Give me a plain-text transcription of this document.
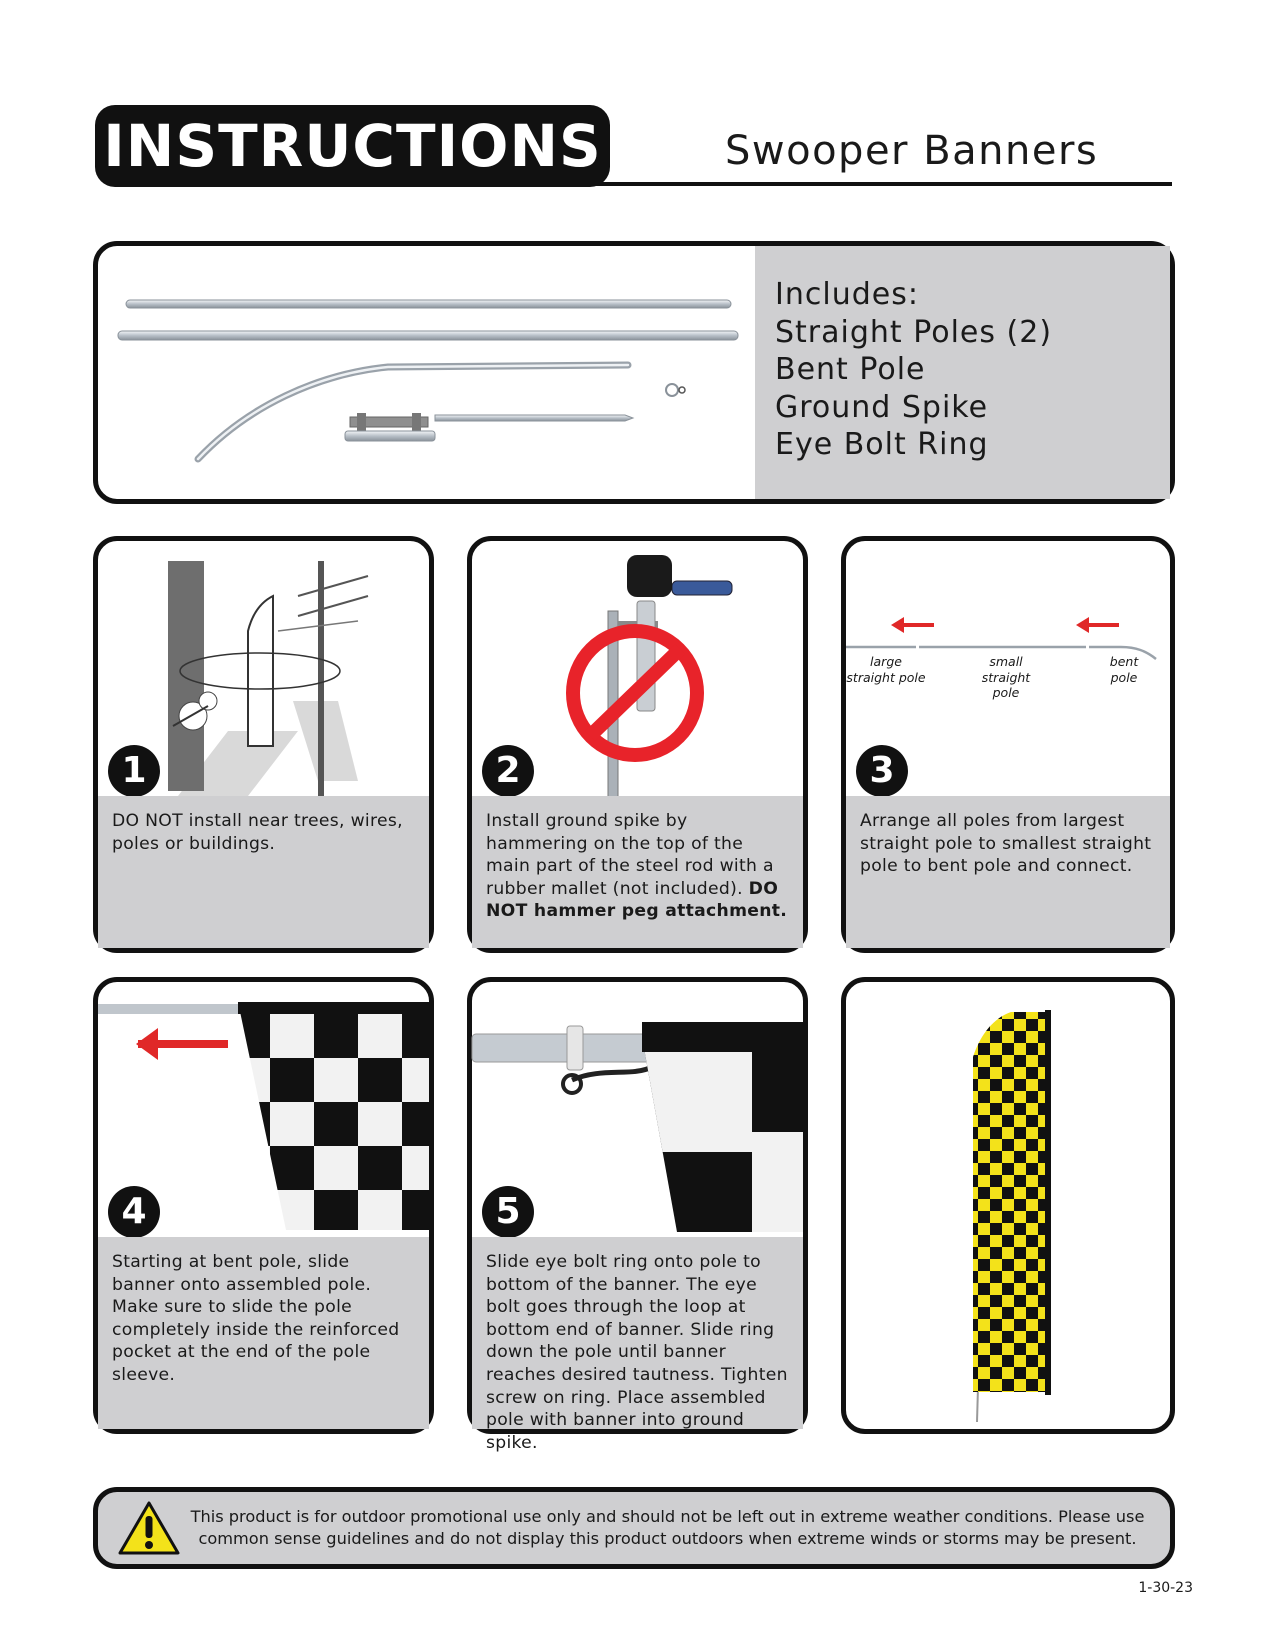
INSTRUCTIONS	Swooper Banners
Includes:
Straight Poles (2)
Bent Pole
Ground Spike
Eye Bolt Ring
1

DO NOT install near trees, wires, poles or buildings.

2

Install ground spike by hammering on the top of the main part of the steel rod with a rubber mallet (not included). DO NOT hammer peg attachment.

large straight pole
small straight pole
bent pole
3

Arrange all poles from largest straight pole to smallest straight pole to bent pole and connect.

4

Starting at bent pole, slide banner onto assembled pole. Make sure to slide the pole completely inside the reinforced pocket at the end of the pole sleeve.

5

Slide eye bolt ring onto pole to bottom of the banner. The eye bolt goes through the loop at bottom end of banner. Slide ring down the pole until banner reaches desired tautness. Tighten screw on ring. Place assembled pole with banner into ground spike.

This product is for outdoor promotional use only and should not be left out in extreme weather conditions. Please use common sense guidelines and do not display this product outdoors when extreme winds or storms may be present.
1-30-23
